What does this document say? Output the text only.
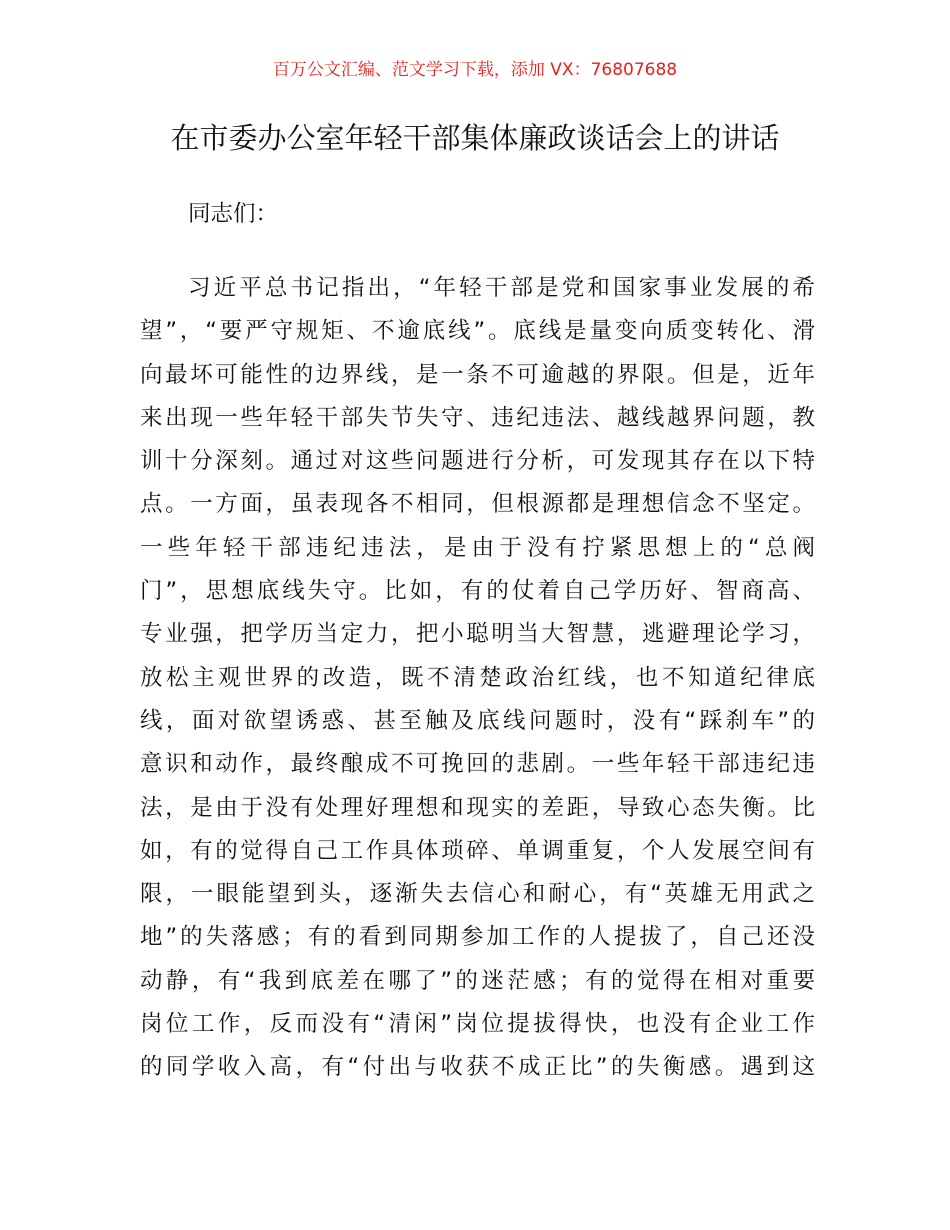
百万公文汇编、范文学习下载，添加 VX：76807688
在市委办公室年轻干部集体廉政谈话会上的讲话

同志们：

习近平总书记指出，“年轻干部是党和国家事业发展的希
望”，“要严守规矩、不逾底线”。底线是量变向质变转化、滑
向最坏可能性的边界线，是一条不可逾越的界限。但是，近年
来出现一些年轻干部失节失守、违纪违法、越线越界问题，教
训十分深刻。通过对这些问题进行分析，可发现其存在以下特
点。一方面，虽表现各不相同，但根源都是理想信念不坚定。
一些年轻干部违纪违法，是由于没有拧紧思想上的“总阀
门”，思想底线失守。比如，有的仗着自己学历好、智商高、
专业强，把学历当定力，把小聪明当大智慧，逃避理论学习，
放松主观世界的改造，既不清楚政治红线，也不知道纪律底
线，面对欲望诱惑、甚至触及底线问题时，没有“踩刹车”的
意识和动作，最终酿成不可挽回的悲剧。一些年轻干部违纪违
法，是由于没有处理好理想和现实的差距，导致心态失衡。比
如，有的觉得自己工作具体琐碎、单调重复，个人发展空间有
限，一眼能望到头，逐渐失去信心和耐心，有“英雄无用武之
地”的失落感；有的看到同期参加工作的人提拔了，自己还没
动静，有“我到底差在哪了”的迷茫感；有的觉得在相对重要
岗位工作，反而没有“清闲”岗位提拔得快，也没有企业工作
的同学收入高，有“付出与收获不成正比”的失衡感。遇到这
